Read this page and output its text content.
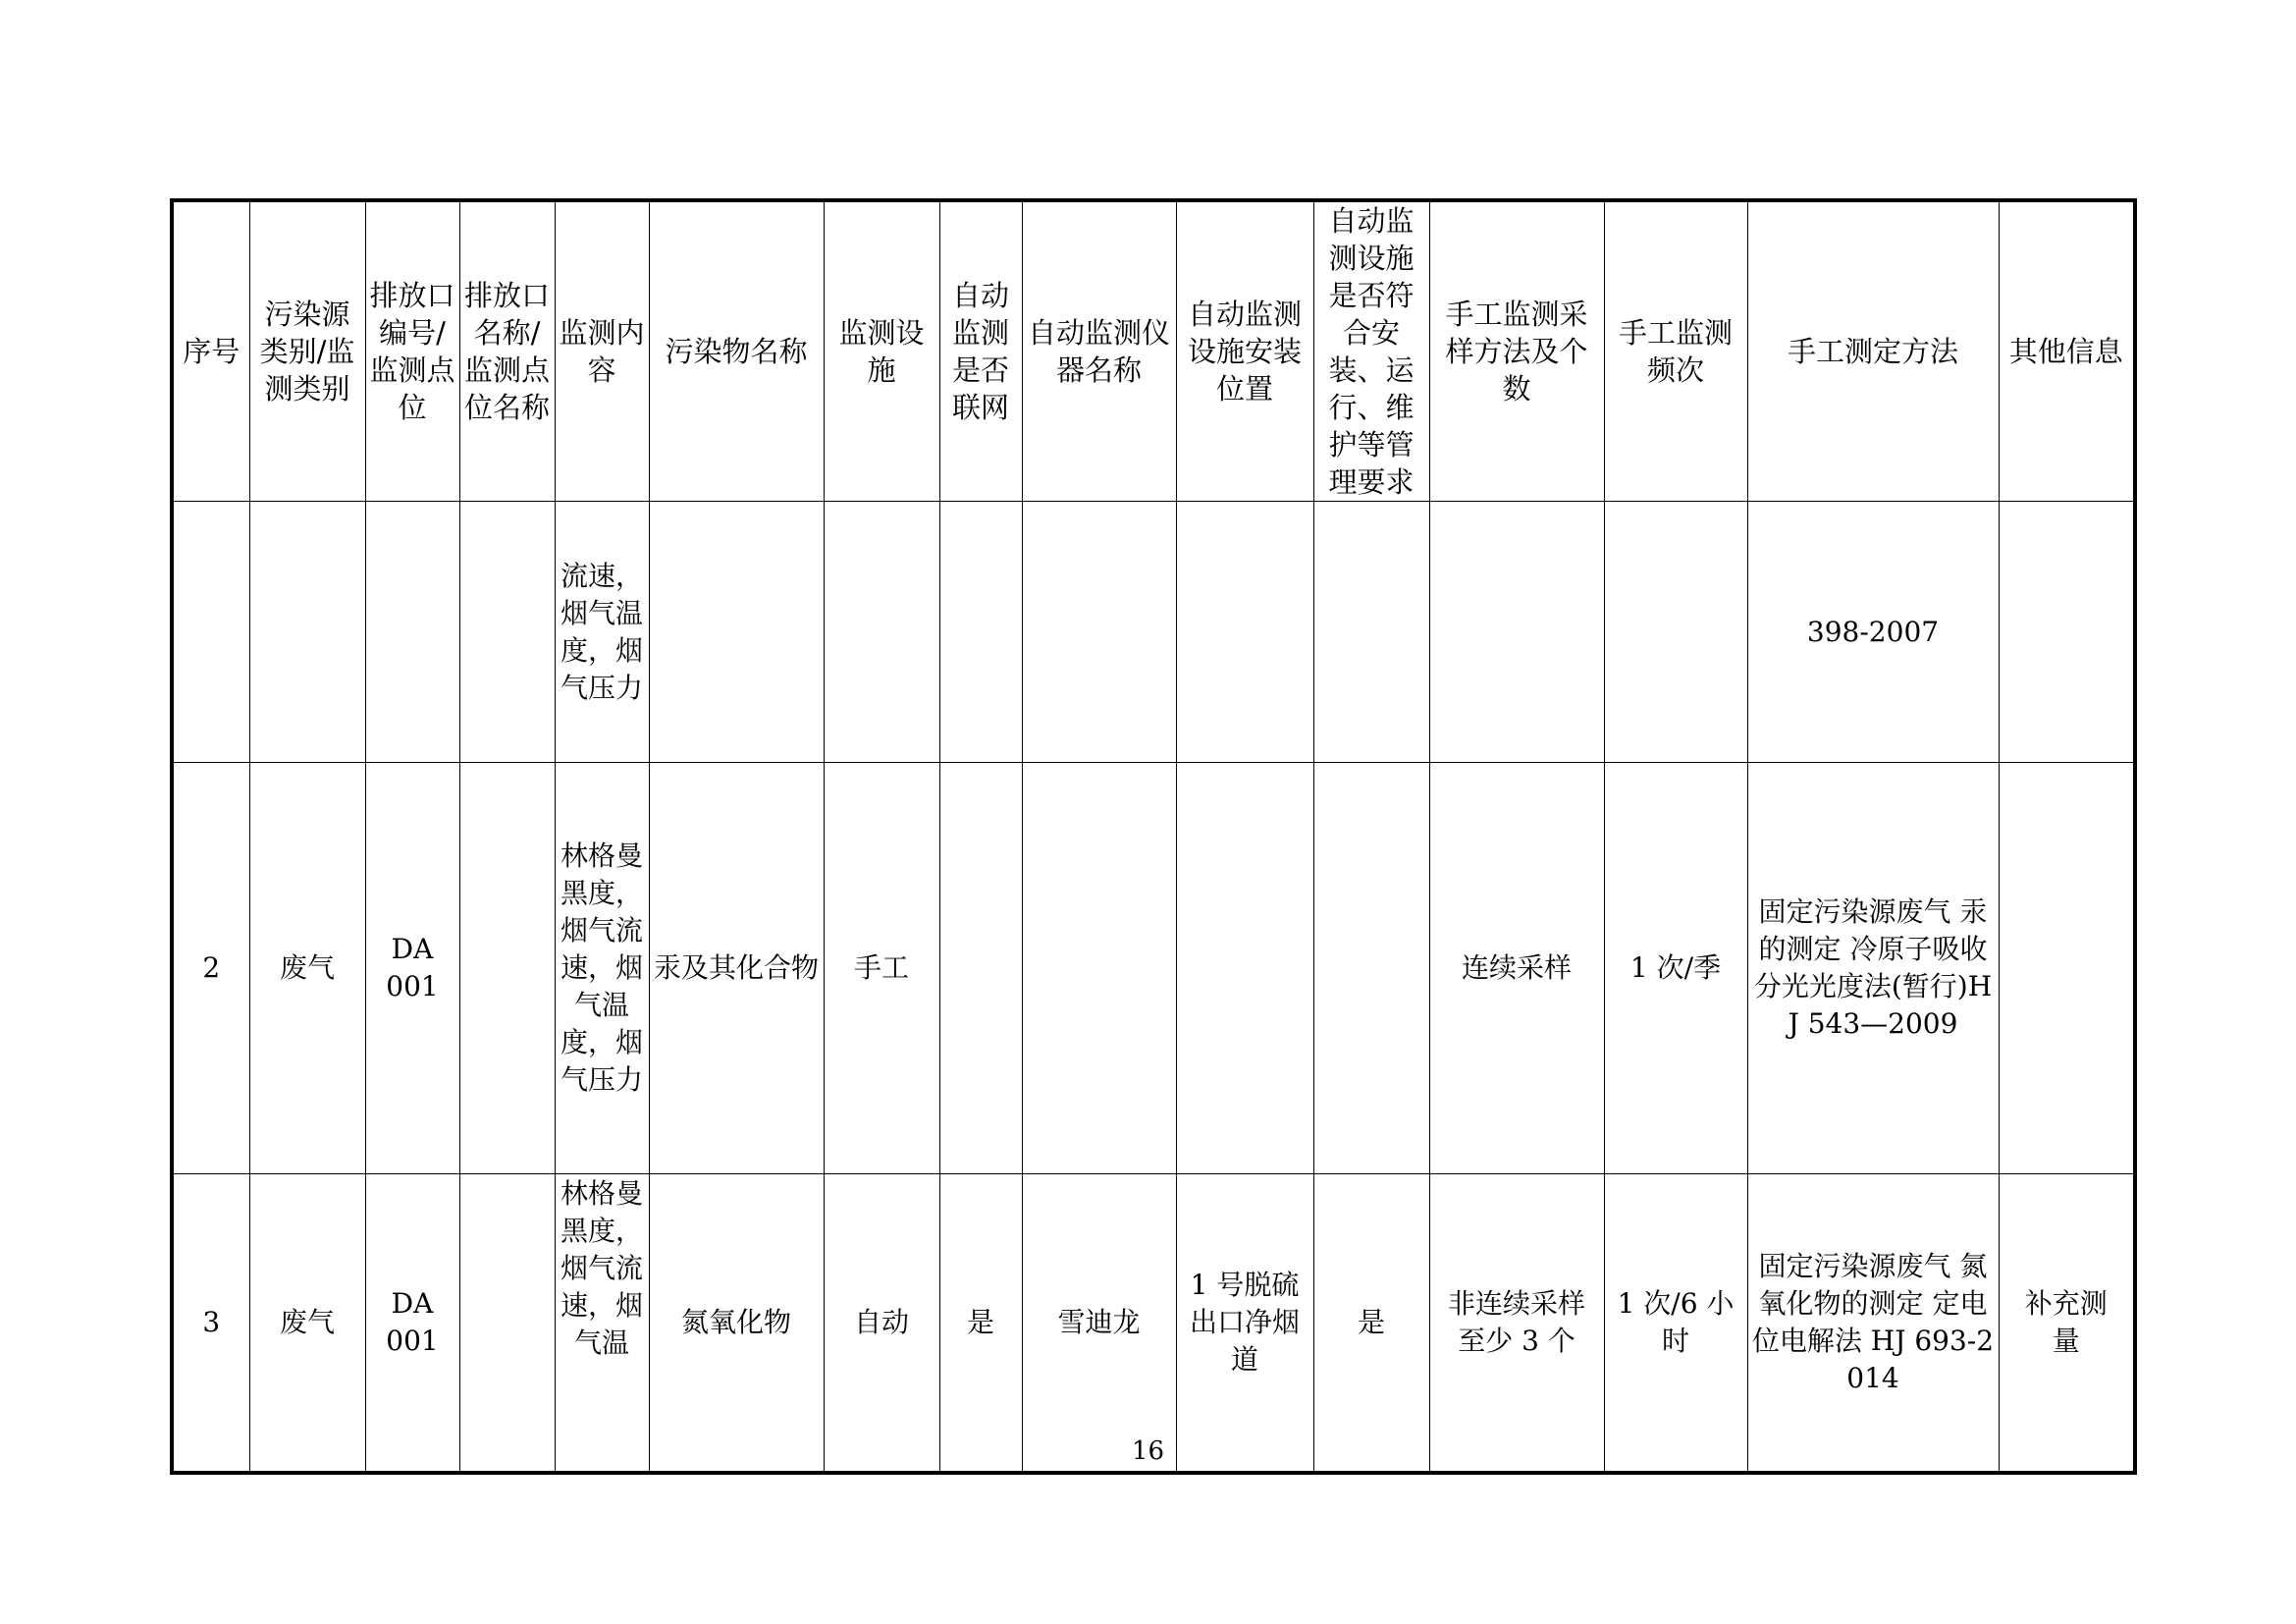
序号	污染源类别/监测类别	排放口编号/监测点位	排放口名称/监测点位名称	监测内容	污染物名称	监测设施	自动监测是否联网	自动监测仪器名称	自动监测设施安装位置	自动监测设施是否符合安装、运行、维护等管理要求	手工监测采样方法及个数	手工监测频次	手工测定方法	其他信息

				流速，烟气温度，烟气压力									398-2007	

2	废气	DA001		林格曼黑度，烟气流速，烟气温度，烟气压力	汞及其化合物	手工					连续采样	1 次/季	固定污染源废气 汞的测定 冷原子吸收分光光度法(暂行)HJ 543—2009	

3	废气	DA001		林格曼黑度，烟气流速，烟气温	氮氧化物	自动	是	雪迪龙	1 号脱硫出口净烟道	是	非连续采样 至少 3 个	1 次/6 小时	固定污染源废气 氮氧化物的测定 定电位电解法 HJ 693-2014	补充测量
16
